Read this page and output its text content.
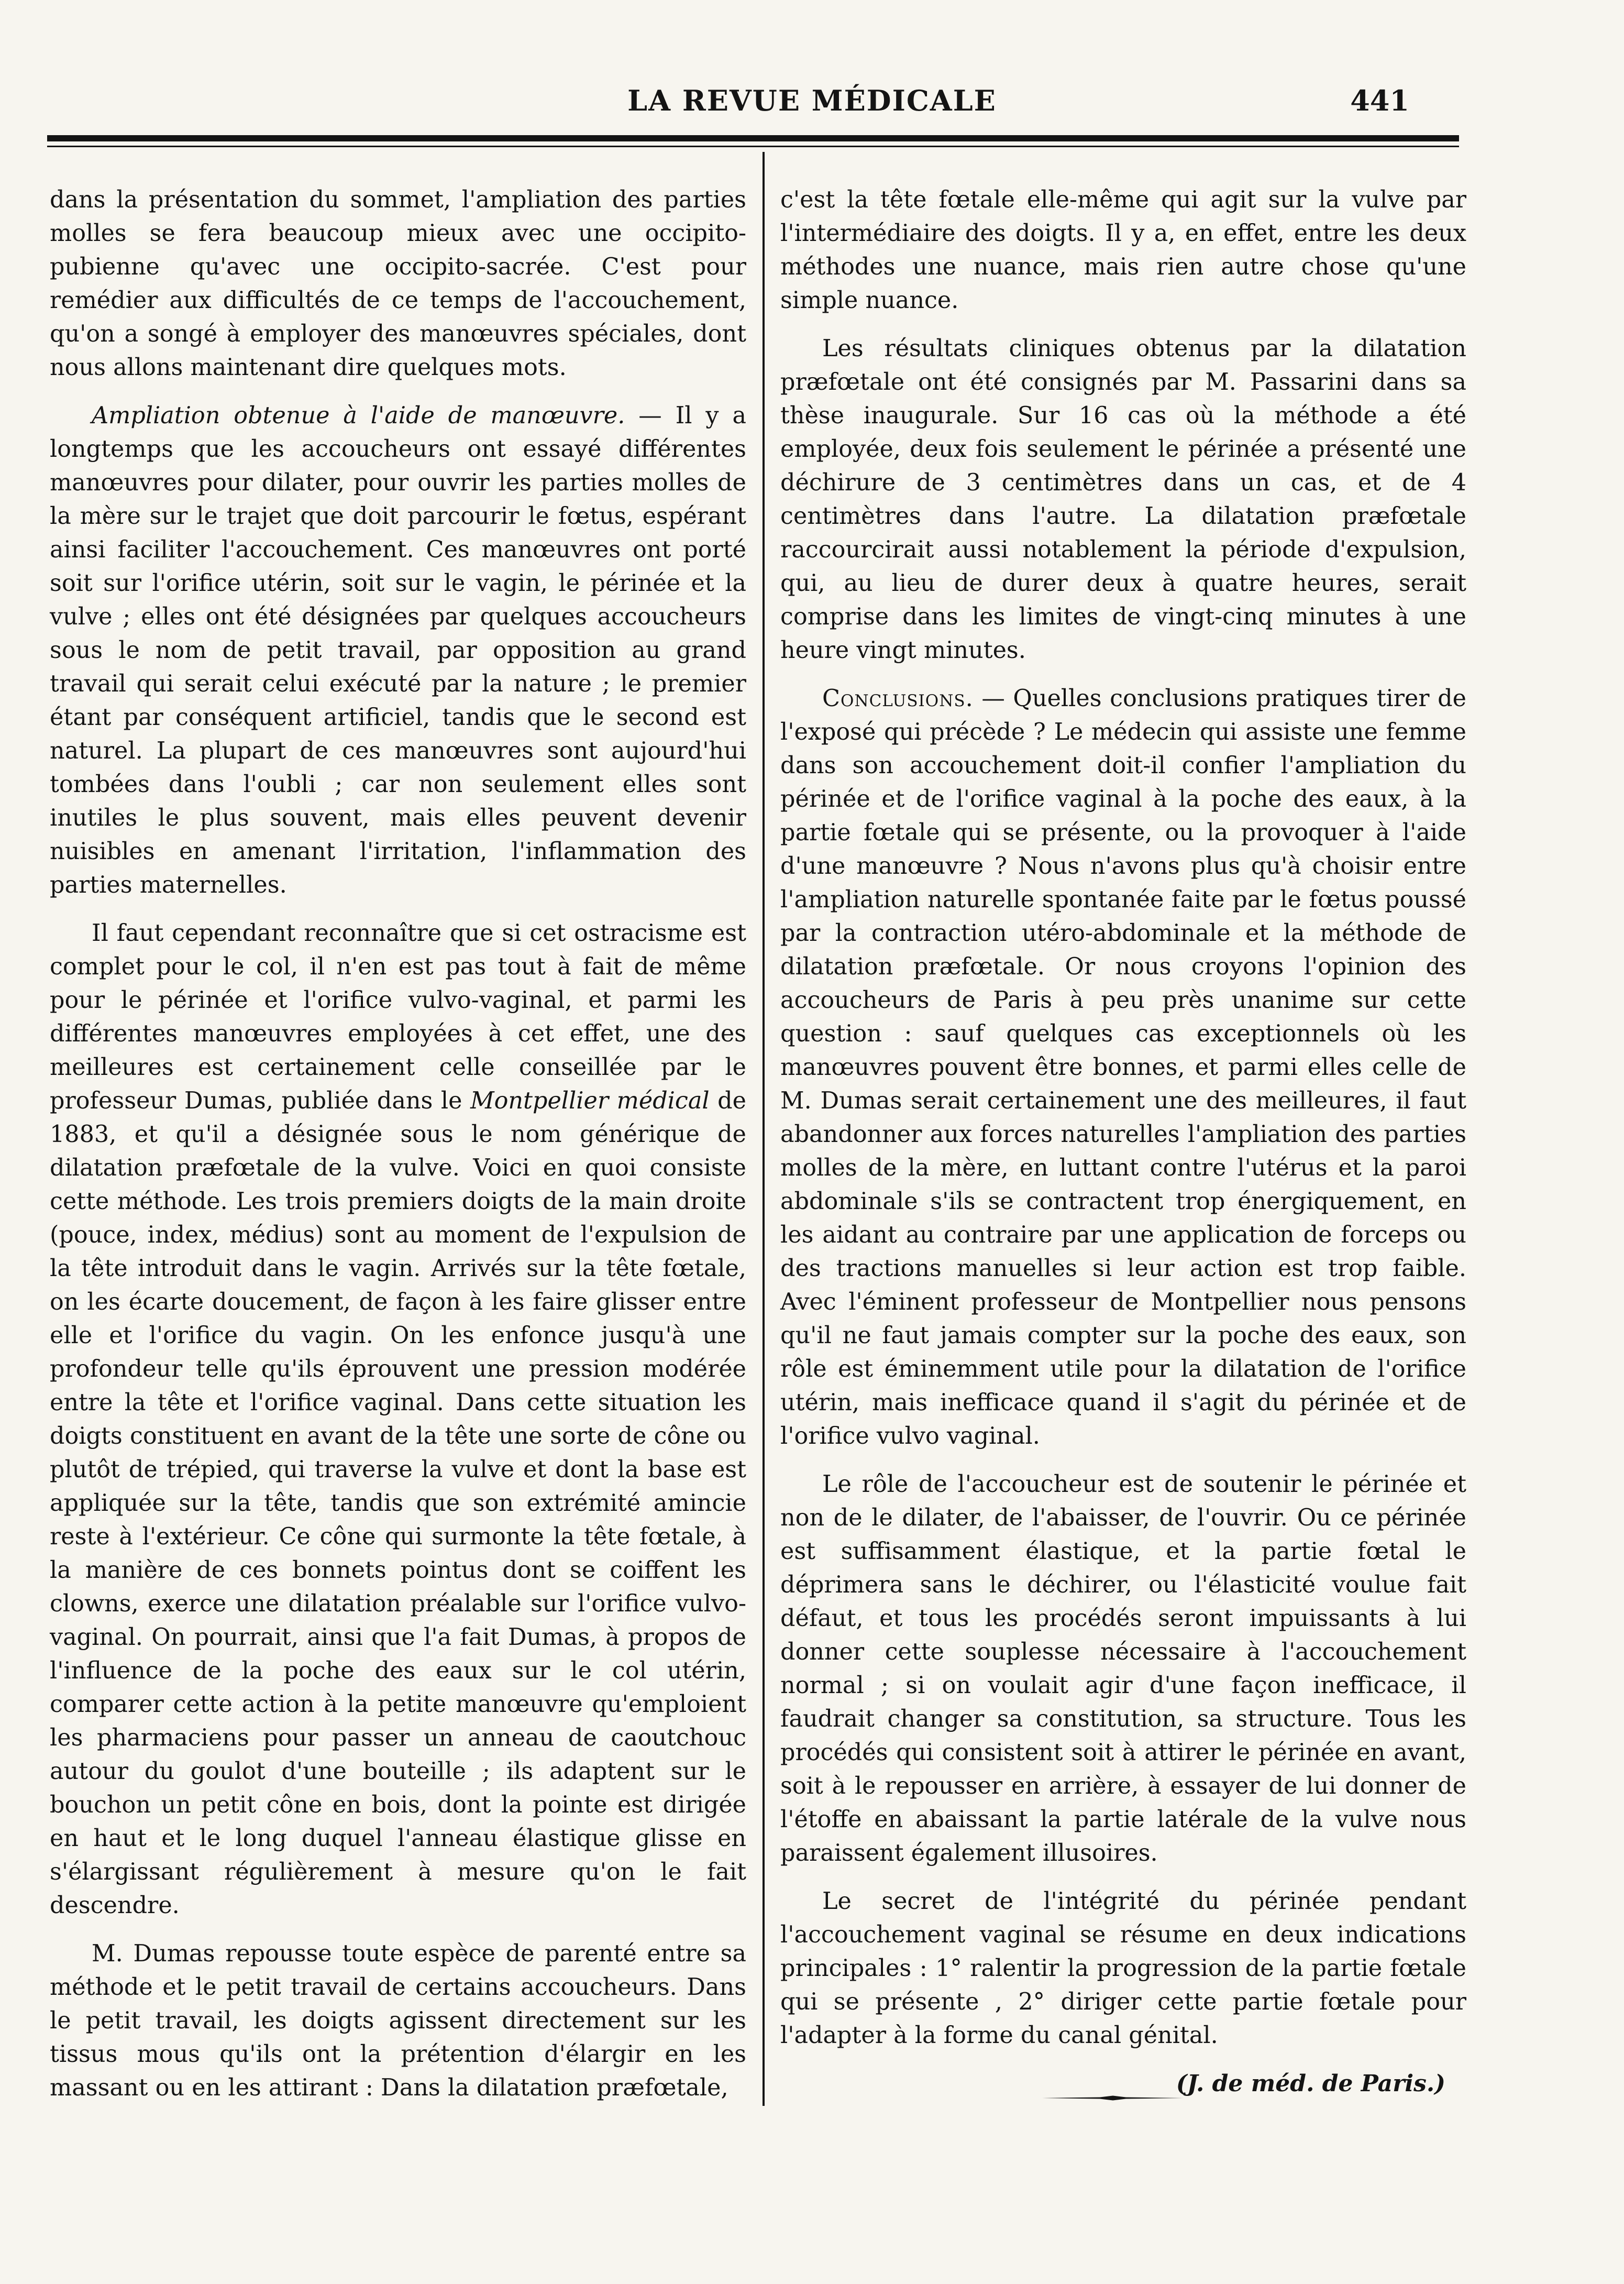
LA REVUE MÉDICALE	441

dans la présentation du sommet, l'ampliation des parties molles se fera beaucoup mieux avec une occipito-pubienne qu'avec une occipito-sacrée. C'est pour remédier aux difficultés de ce temps de l'accouchement, qu'on a songé à employer des manœuvres spéciales, dont nous allons maintenant dire quelques mots.

Ampliation obtenue à l'aide de manœuvre. — Il y a longtemps que les accoucheurs ont essayé différentes manœuvres pour dilater, pour ouvrir les parties molles de la mère sur le trajet que doit parcourir le fœtus, espérant ainsi faciliter l'accouchement. Ces manœuvres ont porté soit sur l'orifice utérin, soit sur le vagin, le périnée et la vulve ; elles ont été désignées par quelques accoucheurs sous le nom de petit travail, par opposition au grand travail qui serait celui exécuté par la nature ; le premier étant par conséquent artificiel, tandis que le second est naturel. La plupart de ces manœuvres sont aujourd'hui tombées dans l'oubli ; car non seulement elles sont inutiles le plus souvent, mais elles peuvent devenir nuisibles en amenant l'irritation, l'inflammation des parties maternelles.

Il faut cependant reconnaître que si cet ostracisme est complet pour le col, il n'en est pas tout à fait de même pour le périnée et l'orifice vulvo-vaginal, et parmi les différentes manœuvres employées à cet effet, une des meilleures est certainement celle conseillée par le professeur Dumas, publiée dans le Montpellier médical de 1883, et qu'il a désignée sous le nom générique de dilatation præfœtale de la vulve. Voici en quoi consiste cette méthode. Les trois premiers doigts de la main droite (pouce, index, médius) sont au moment de l'expulsion de la tête introduit dans le vagin. Arrivés sur la tête fœtale, on les écarte doucement, de façon à les faire glisser entre elle et l'orifice du vagin. On les enfonce jusqu'à une profondeur telle qu'ils éprouvent une pression modérée entre la tête et l'orifice vaginal. Dans cette situation les doigts constituent en avant de la tête une sorte de cône ou plutôt de trépied, qui traverse la vulve et dont la base est appliquée sur la tête, tandis que son extrémité amincie reste à l'extérieur. Ce cône qui surmonte la tête fœtale, à la manière de ces bonnets pointus dont se coiffent les clowns, exerce une dilatation préalable sur l'orifice vulvo-vaginal. On pourrait, ainsi que l'a fait Dumas, à propos de l'influence de la poche des eaux sur le col utérin, comparer cette action à la petite manœuvre qu'emploient les pharmaciens pour passer un anneau de caoutchouc autour du goulot d'une bouteille ; ils adaptent sur le bouchon un petit cône en bois, dont la pointe est dirigée en haut et le long duquel l'anneau élastique glisse en s'élargissant régulièrement à mesure qu'on le fait descendre.

M. Dumas repousse toute espèce de parenté entre sa méthode et le petit travail de certains accoucheurs. Dans le petit travail, les doigts agissent directement sur les tissus mous qu'ils ont la prétention d'élargir en les massant ou en les attirant : Dans la dilatation præfœtale,

c'est la tête fœtale elle-même qui agit sur la vulve par l'intermédiaire des doigts. Il y a, en effet, entre les deux méthodes une nuance, mais rien autre chose qu'une simple nuance.

Les résultats cliniques obtenus par la dilatation præfœtale ont été consignés par M. Passarini dans sa thèse inaugurale. Sur 16 cas où la méthode a été employée, deux fois seulement le périnée a présenté une déchirure de 3 centimètres dans un cas, et de 4 centimètres dans l'autre. La dilatation præfœtale raccourcirait aussi notablement la période d'expulsion, qui, au lieu de durer deux à quatre heures, serait comprise dans les limites de vingt-cinq minutes à une heure vingt minutes.

Conclusions. — Quelles conclusions pratiques tirer de l'exposé qui précède ? Le médecin qui assiste une femme dans son accouchement doit-il confier l'ampliation du périnée et de l'orifice vaginal à la poche des eaux, à la partie fœtale qui se présente, ou la provoquer à l'aide d'une manœuvre ? Nous n'avons plus qu'à choisir entre l'ampliation naturelle spontanée faite par le fœtus poussé par la contraction utéro-abdominale et la méthode de dilatation præfœtale. Or nous croyons l'opinion des accoucheurs de Paris à peu près unanime sur cette question : sauf quelques cas exceptionnels où les manœuvres pouvent être bonnes, et parmi elles celle de M. Dumas serait certainement une des meilleures, il faut abandonner aux forces naturelles l'ampliation des parties molles de la mère, en luttant contre l'utérus et la paroi abdominale s'ils se contractent trop énergiquement, en les aidant au contraire par une application de forceps ou des tractions manuelles si leur action est trop faible. Avec l'éminent professeur de Montpellier nous pensons qu'il ne faut jamais compter sur la poche des eaux, son rôle est éminemment utile pour la dilatation de l'orifice utérin, mais inefficace quand il s'agit du périnée et de l'orifice vulvo vaginal.

Le rôle de l'accoucheur est de soutenir le périnée et non de le dilater, de l'abaisser, de l'ouvrir. Ou ce périnée est suffisamment élastique, et la partie fœtal le déprimera sans le déchirer, ou l'élasticité voulue fait défaut, et tous les procédés seront impuissants à lui donner cette souplesse nécessaire à l'accouchement normal ; si on voulait agir d'une façon inefficace, il faudrait changer sa constitution, sa structure. Tous les procédés qui consistent soit à attirer le périnée en avant, soit à le repousser en arrière, à essayer de lui donner de l'étoffe en abaissant la partie latérale de la vulve nous paraissent également illusoires.

Le secret de l'intégrité du périnée pendant l'accouchement vaginal se résume en deux indications principales : 1° ralentir la progression de la partie fœtale qui se présente , 2° diriger cette partie fœtale pour l'adapter à la forme du canal génital.

(J. de méd. de Paris.)
